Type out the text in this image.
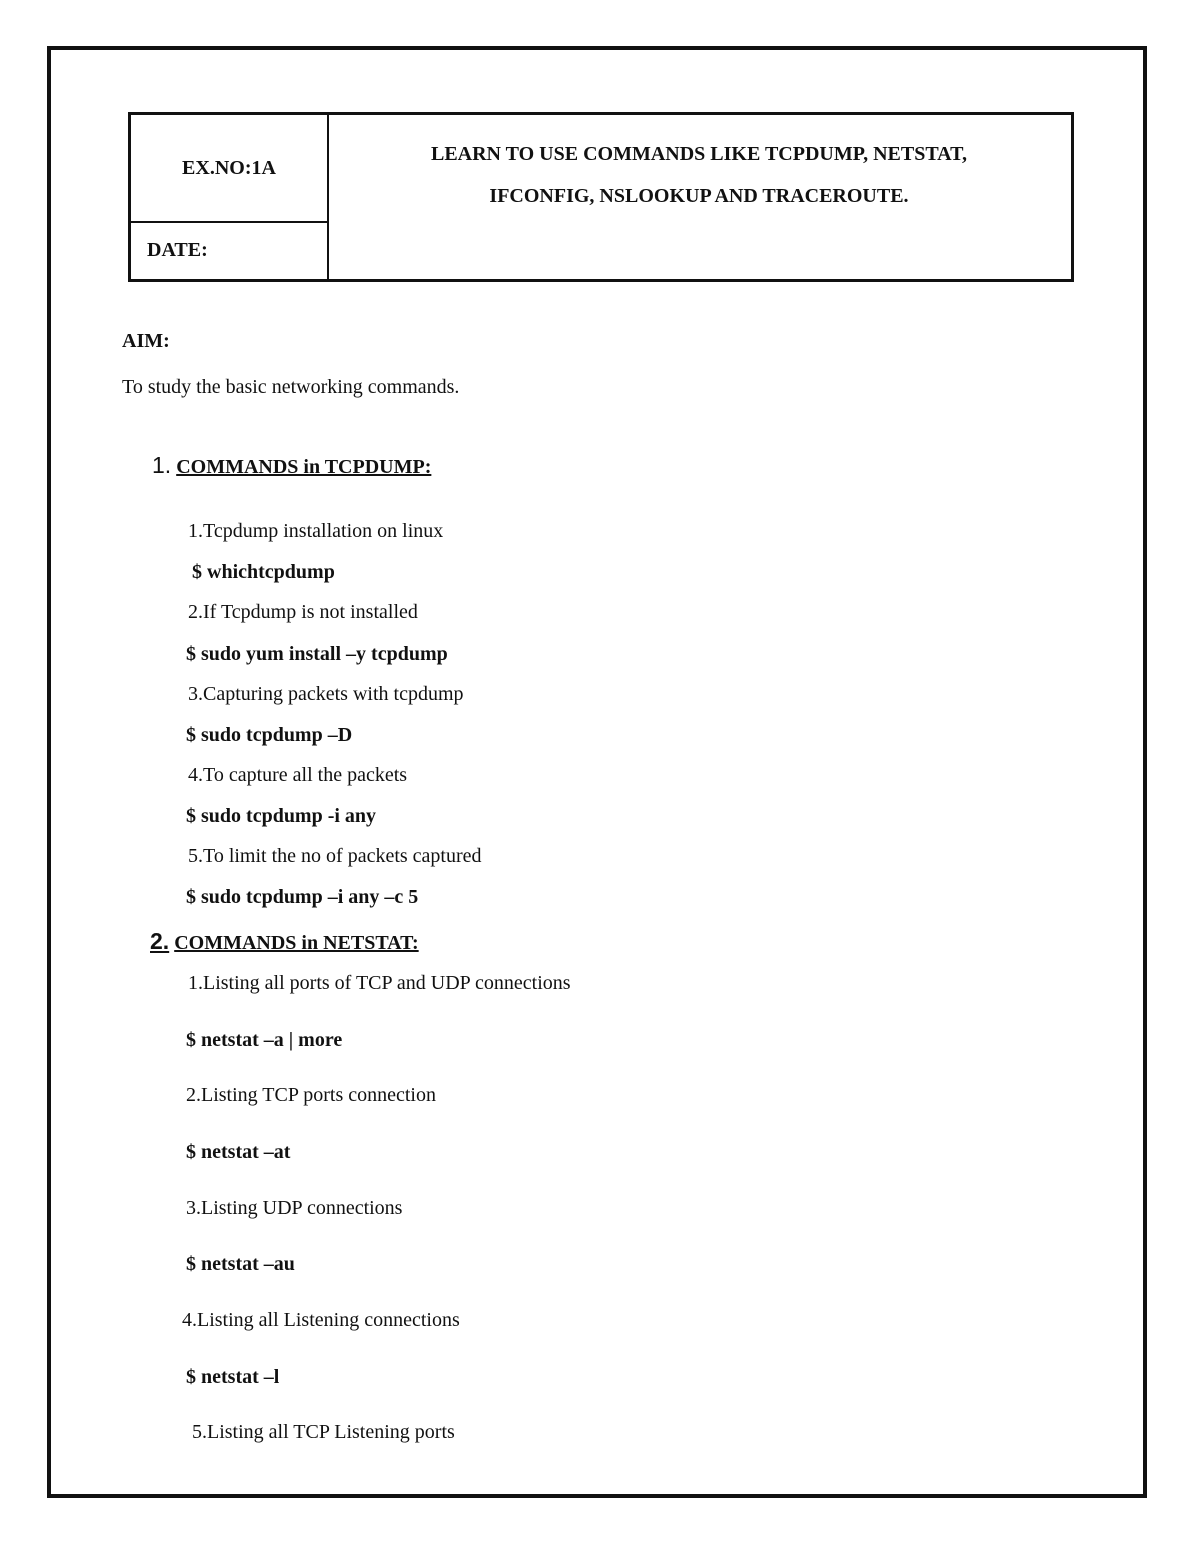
EX.NO:1A
DATE:
LEARN TO USE COMMANDS LIKE TCPDUMP, NETSTAT,
IFCONFIG, NSLOOKUP AND TRACEROUTE.
AIM:
To study the basic networking commands.
1. COMMANDS in TCPDUMP:
1.Tcpdump installation on linux
$ whichtcpdump
2.If Tcpdump is not installed
$ sudo yum install –y tcpdump
3.Capturing packets with tcpdump
$ sudo tcpdump –D
4.To capture all the packets
$ sudo tcpdump -i any
5.To limit the no of packets captured
$ sudo tcpdump –i any –c 5
2. COMMANDS in NETSTAT:
1.Listing all ports of TCP and UDP connections
$ netstat –a | more
2.Listing TCP ports connection
$ netstat –at
3.Listing UDP connections
$ netstat –au
4.Listing all Listening connections
$ netstat –l
5.Listing all TCP Listening ports
